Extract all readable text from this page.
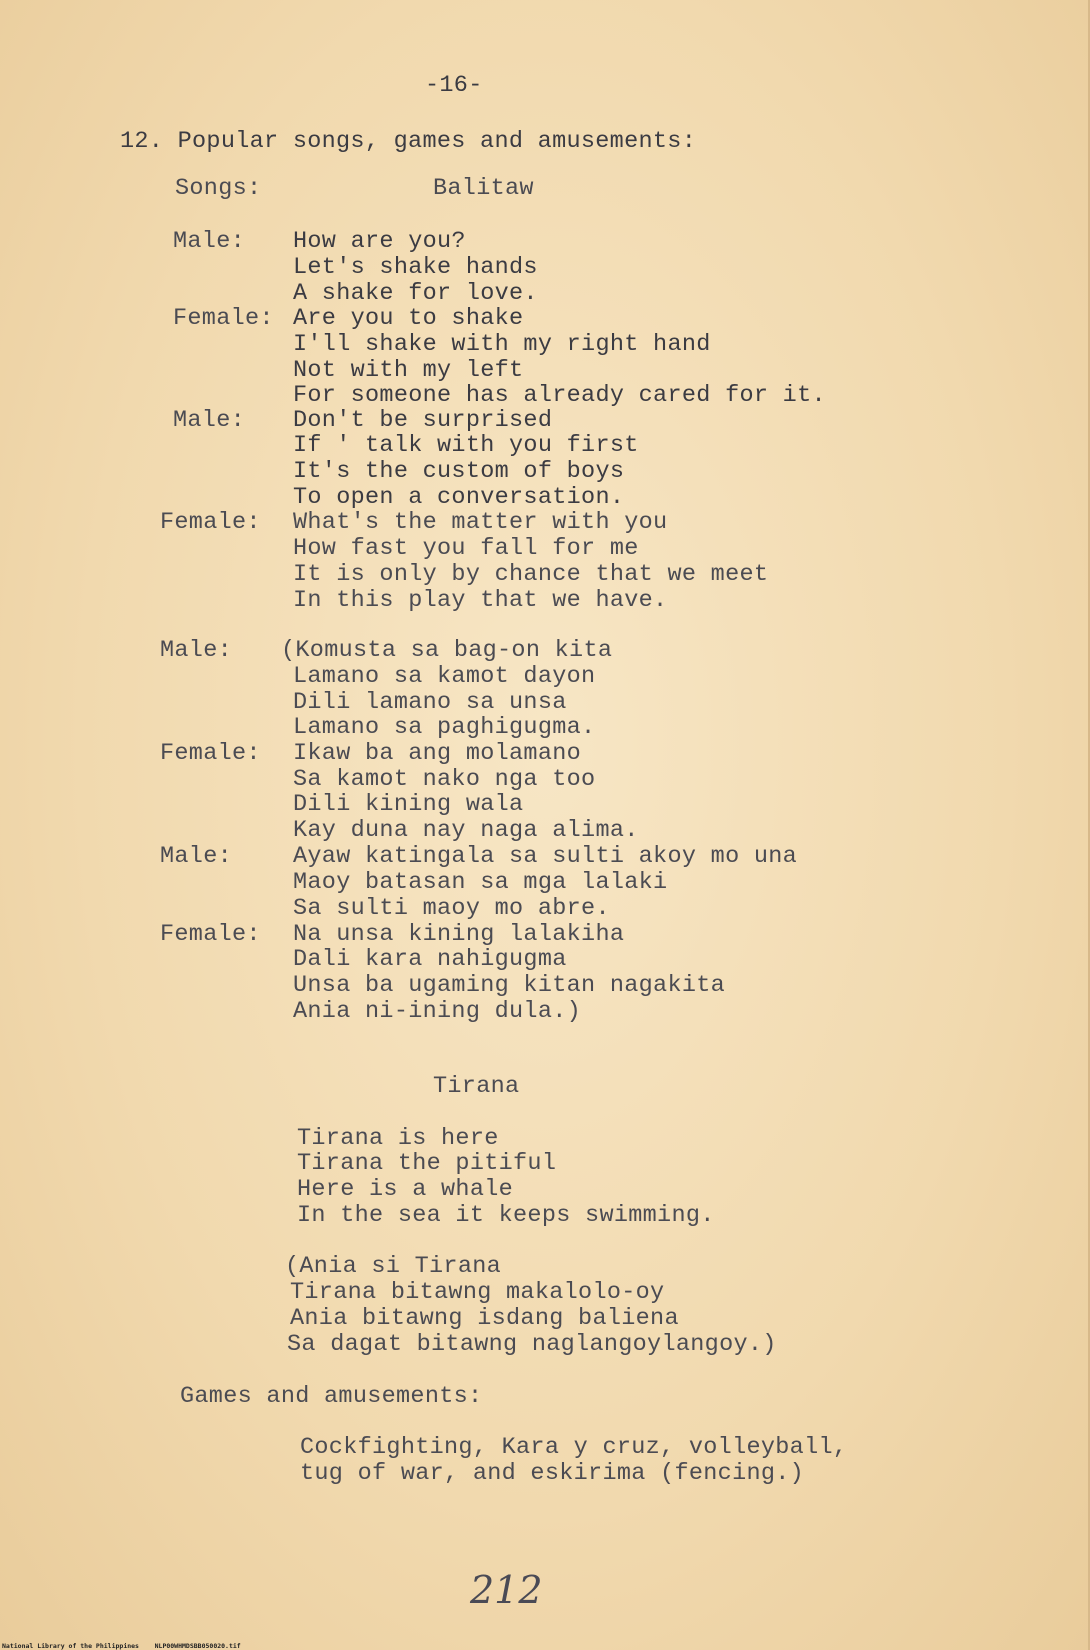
-16-
12. Popular songs, games and amusements:
Songs:	Balitaw
Male: How are you?
Let's shake hands
A shake for love.
Female: Are you to shake
I'll shake with my right hand
Not with my left
For someone has already cared for it.
Male: Don't be surprised
If ' talk with you first
It's the custom of boys
To open a conversation.
Female: What's the matter with you
How fast you fall for me
It is only by chance that we meet
In this play that we have.
Male: (Komusta sa bag-on kita
Lamano sa kamot dayon
Dili lamano sa unsa
Lamano sa paghigugma.
Female: Ikaw ba ang molamano
Sa kamot nako nga too
Dili kining wala
Kay duna nay naga alima.
Male:	Ayaw katingala sa sulti akoy mo una
Maoy batasan sa mga lalaki
Sa sulti maoy mo abre.
Female: Na unsa kining lalakiha
Dali kara nahigugma
Unsa ba ugaming kitan nagakita
Ania ni-ining dula.)
Tirana
Tirana is here
Tirana the pitiful
Here is a whale
In the sea it keeps swimming.
(Ania si Tirana
Tirana bitawng makalolo-oy
Ania bitawng isdang baliena
Sa dagat bitawng naglangoylangoy.)
Games and amusements:
Cockfighting, Kara y cruz, volleyball,
tug of war, and eskirima (fencing.)
212
National Library of the Philippines    NLP00WHMDSBB050020.tif
